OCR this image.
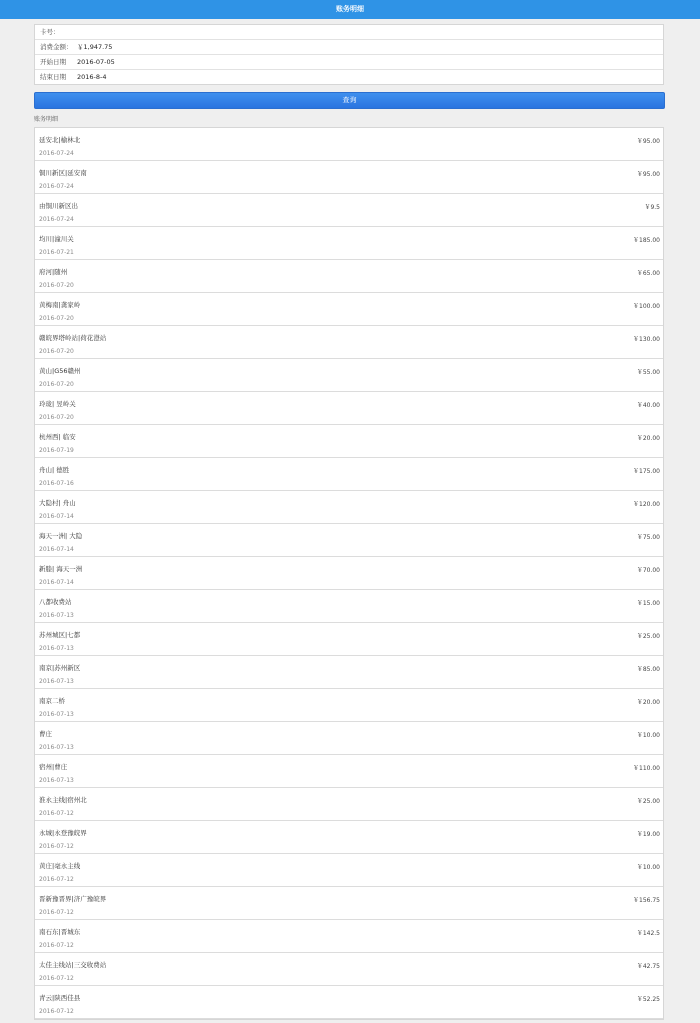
账务明细
卡号：
消费金额： ￥1,947.75
开始日期	2016-07-05
结束日期	2016-8-4
查询
账务明细
延安北|榆林北
2016-07-24
￥95.00
铜川新区|延安南
2016-07-24
￥95.00
由铜川新区出
2016-07-24
￥9.5
均川|潼川关
2016-07-21
￥185.00
府河|随州
2016-07-20
￥65.00
黄梅南|龚家岭
2016-07-20
￥100.00
赣皖界塔岭站|荷花澄站
2016-07-20
￥130.00
黄山|G56赣州
2016-07-20
￥55.00
玲珑| 昱岭关
2016-07-20
￥40.00
杭州西| 临安
2016-07-19
￥20.00
舟山| 德胜
2016-07-16
￥175.00
大隐村| 舟山
2016-07-14
￥120.00
海天一洲| 大隐
2016-07-14
￥75.00
新塍| 海天一洲
2016-07-14
￥70.00
八都收费站
2016-07-13
￥15.00
苏州城区|七都
2016-07-13
￥25.00
南京|苏州新区
2016-07-13
￥85.00
南京二桥
2016-07-13
￥20.00
曹庄
2016-07-13
￥10.00
宿州|曹庄
2016-07-13
￥110.00
淮永主线|宿州北
2016-07-12
￥25.00
永城|永登豫皖界
2016-07-12
￥19.00
黄庄|毫永主线
2016-07-12
￥10.00
晋新豫晋界|济广豫皖界
2016-07-12
￥156.75
南石东|晋城东
2016-07-12
￥142.5
太佳主线站|三交收费站
2016-07-12
￥42.75
青云|陕西佳县
2016-07-12
￥52.25
